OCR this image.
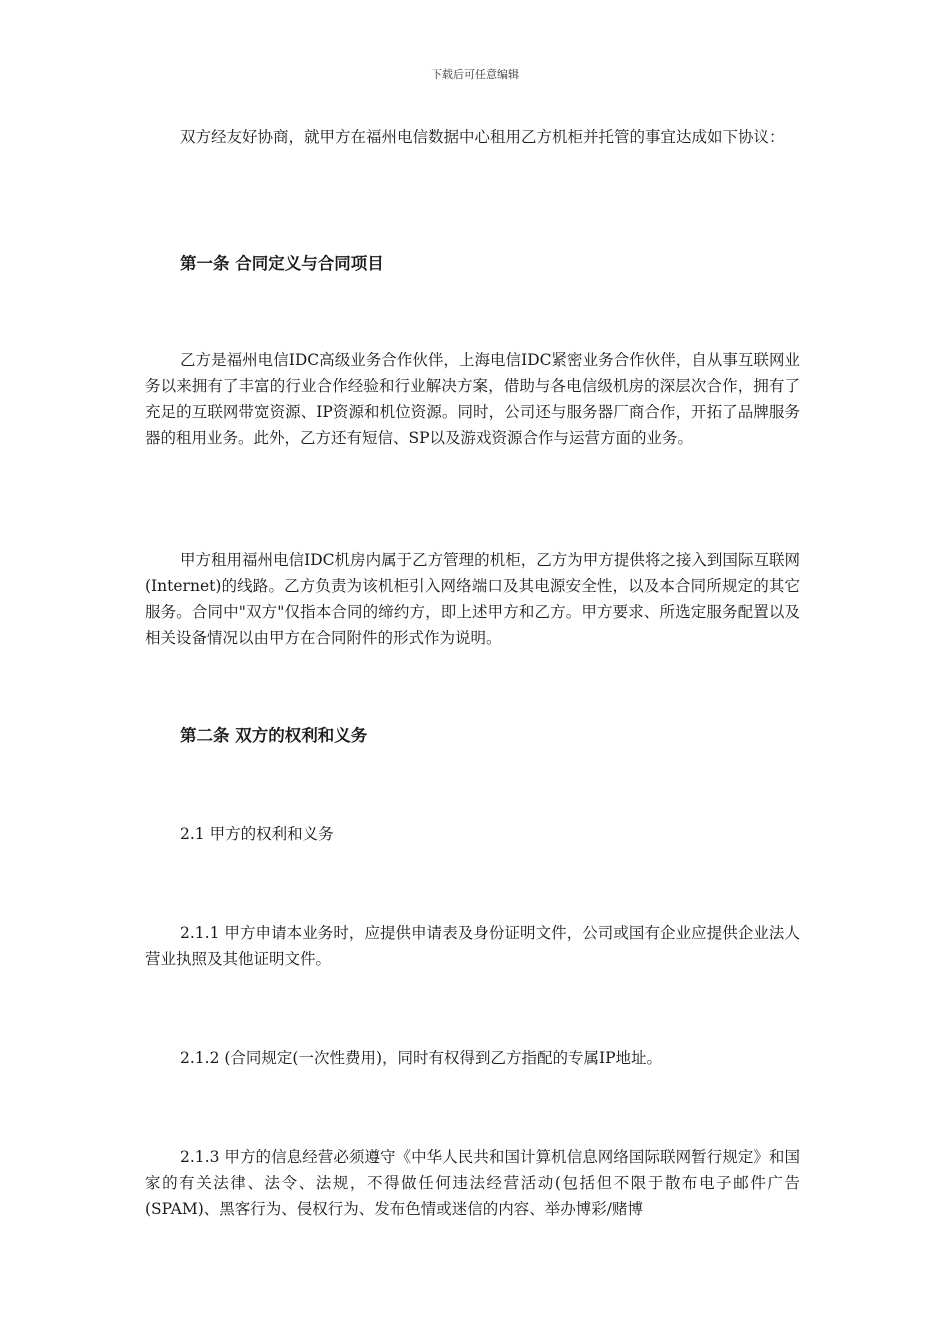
下载后可任意编辑

双方经友好协商，就甲方在福州电信数据中心租用乙方机柜并托管的事宜达成如下协议：

第一条 合同定义与合同项目

乙方是福州电信IDC高级业务合作伙伴，上海电信IDC紧密业务合作伙伴，自从事互联网业务以来拥有了丰富的行业合作经验和行业解决方案，借助与各电信级机房的深层次合作，拥有了充足的互联网带宽资源、IP资源和机位资源。同时，公司还与服务器厂商合作，开拓了品牌服务器的租用业务。此外，乙方还有短信、SP以及游戏资源合作与运营方面的业务。

甲方租用福州电信IDC机房内属于乙方管理的机柜，乙方为甲方提供将之接入到国际互联网(Internet)的线路。乙方负责为该机柜引入网络端口及其电源安全性，以及本合同所规定的其它服务。合同中"双方"仅指本合同的缔约方，即上述甲方和乙方。甲方要求、所选定服务配置以及相关设备情况以由甲方在合同附件的形式作为说明。

第二条 双方的权利和义务

2.1 甲方的权利和义务

2.1.1 甲方申请本业务时，应提供申请表及身份证明文件，公司或国有企业应提供企业法人营业执照及其他证明文件。

2.1.2 (合同规定(一次性费用)，同时有权得到乙方指配的专属IP地址。

2.1.3 甲方的信息经营必须遵守《中华人民共和国计算机信息网络国际联网暂行规定》和国家的有关法律、法令、法规，不得做任何违法经营活动(包括但不限于散布电子邮件广告(SPAM)、黑客行为、侵权行为、发布色情或迷信的内容、举办博彩/赌博
